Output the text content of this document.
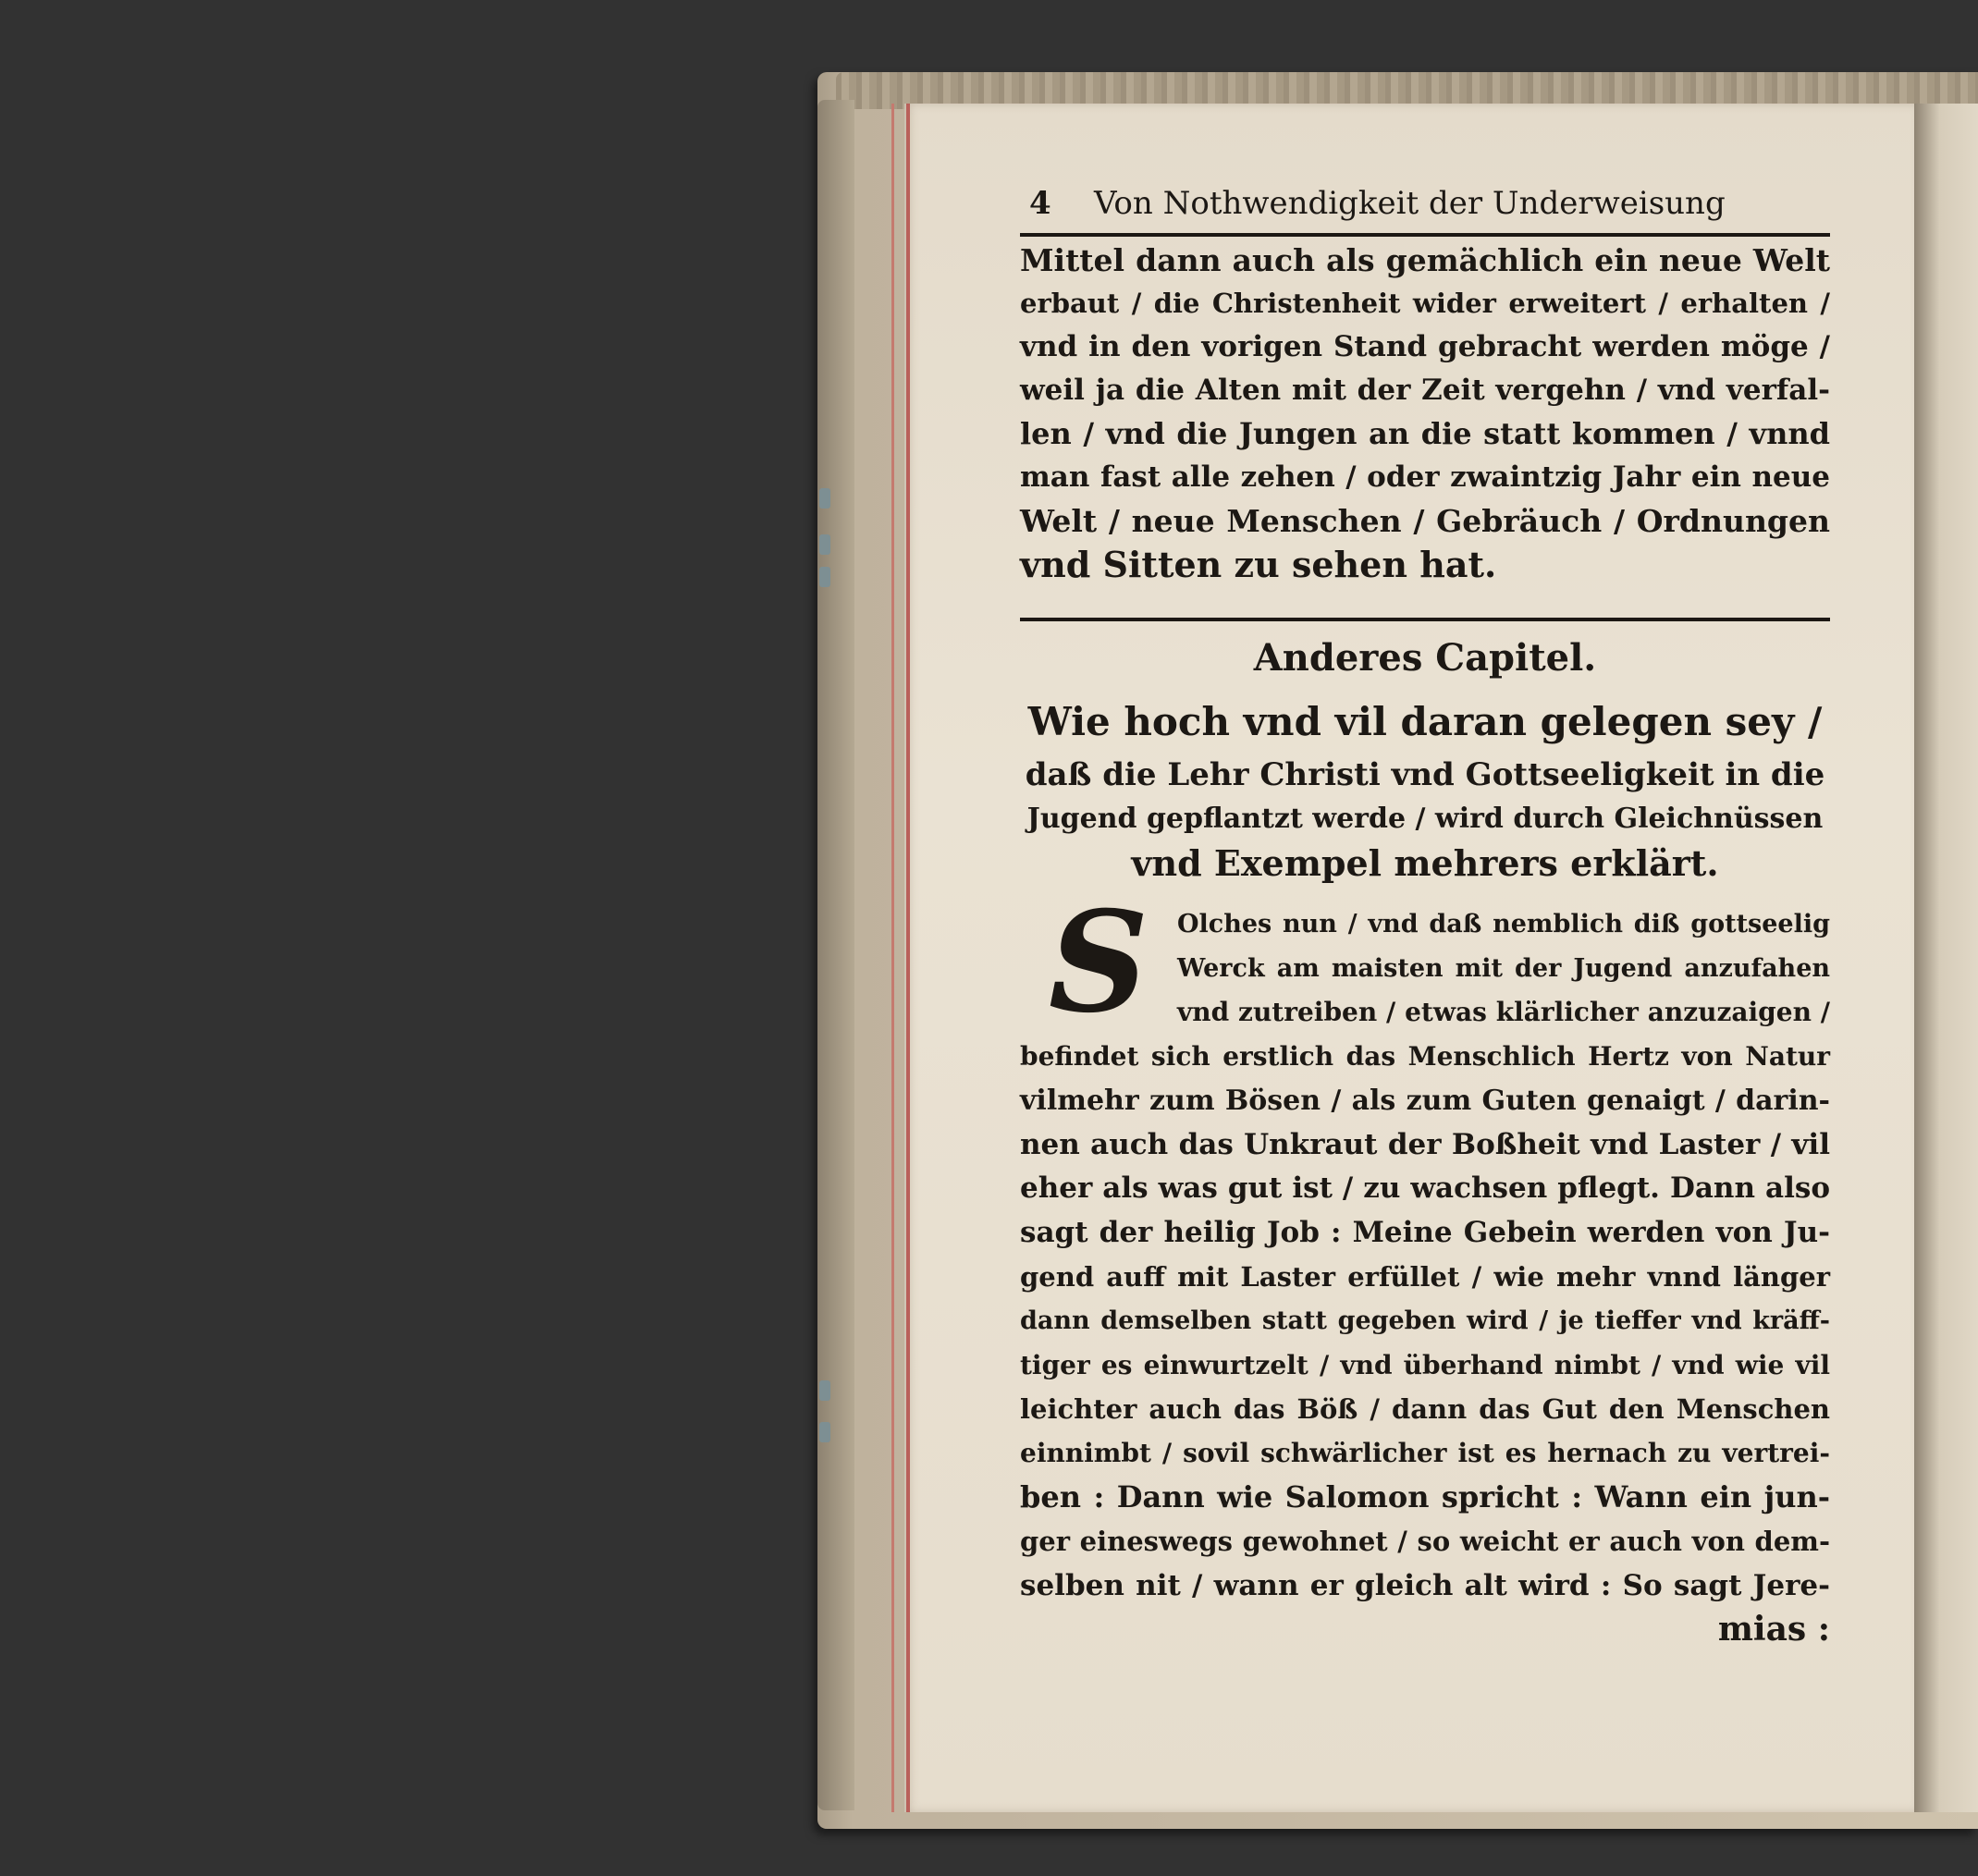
4	Von Nothwendigkeit der Underweisung
Mittel dann auch als gemächlich ein neue Welt
erbaut / die Christenheit wider erweitert / erhalten /
vnd in den vorigen Stand gebracht werden möge /
weil ja die Alten mit der Zeit vergehn / vnd verfal-
len / vnd die Jungen an die statt kommen / vnnd
man fast alle zehen / oder zwaintzig Jahr ein neue
Welt / neue Menschen / Gebräuch / Ordnungen
vnd Sitten zu sehen hat.
Anderes Capitel.
Wie hoch vnd vil daran gelegen sey /
daß die Lehr Christi vnd Gottseeligkeit in die
Jugend gepflantzt werde / wird durch Gleichnüssen
vnd Exempel mehrers erklärt.
S	Olches nun / vnd daß nemblich diß gottseelig
Werck am maisten mit der Jugend anzufahen
vnd zutreiben / etwas klärlicher anzuzaigen /
befindet sich erstlich das Menschlich Hertz von Natur
vilmehr zum Bösen / als zum Guten genaigt / darin-
nen auch das Unkraut der Boßheit vnd Laster / vil
eher als was gut ist / zu wachsen pflegt. Dann also
sagt der heilig Job : Meine Gebein werden von Ju-
gend auff mit Laster erfüllet / wie mehr vnnd länger
dann demselben statt gegeben wird / je tieffer vnd kräff-
tiger es einwurtzelt / vnd überhand nimbt / vnd wie vil
leichter auch das Böß / dann das Gut den Menschen
einnimbt / sovil schwärlicher ist es hernach zu vertrei-
ben : Dann wie Salomon spricht : Wann ein jun-
ger eineswegs gewohnet / so weicht er auch von dem-
selben nit / wann er gleich alt wird : So sagt Jere-
mias :
